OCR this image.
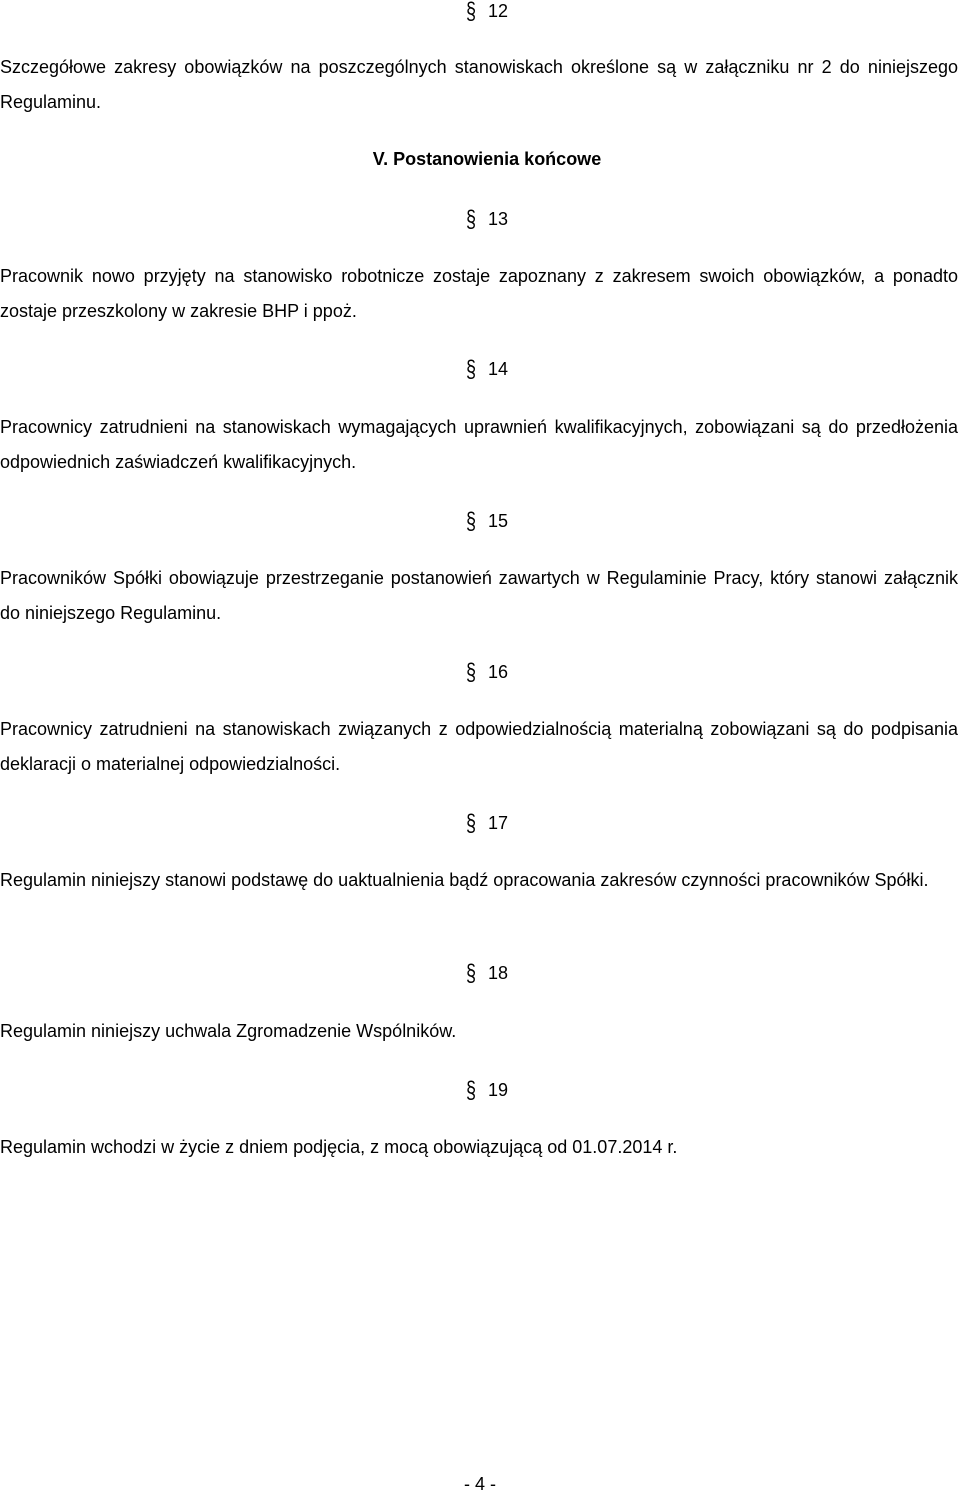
§ 12
Szczegółowe zakresy obowiązków na poszczególnych stanowiskach określone są w załączniku nr 2 do niniejszego Regulaminu.
V. Postanowienia końcowe
§ 13
Pracownik nowo przyjęty na stanowisko robotnicze zostaje zapoznany z zakresem swoich obowiązków, a ponadto zostaje przeszkolony w zakresie BHP i ppoż.
§ 14
Pracownicy zatrudnieni na stanowiskach wymagających uprawnień kwalifikacyjnych, zobowiązani są do przedłożenia odpowiednich zaświadczeń kwalifikacyjnych.
§ 15
Pracowników Spółki obowiązuje przestrzeganie postanowień zawartych w Regulaminie Pracy, który stanowi załącznik do niniejszego Regulaminu.
§ 16
Pracownicy zatrudnieni na stanowiskach związanych z odpowiedzialnością materialną zobowiązani są do podpisania deklaracji o materialnej odpowiedzialności.
§ 17
Regulamin niniejszy stanowi podstawę do uaktualnienia bądź opracowania zakresów czynności pracowników Spółki.
§ 18
Regulamin niniejszy uchwala Zgromadzenie Wspólników.
§ 19
Regulamin wchodzi w życie z dniem podjęcia, z mocą obowiązującą od 01.07.2014 r.
- 4 -
